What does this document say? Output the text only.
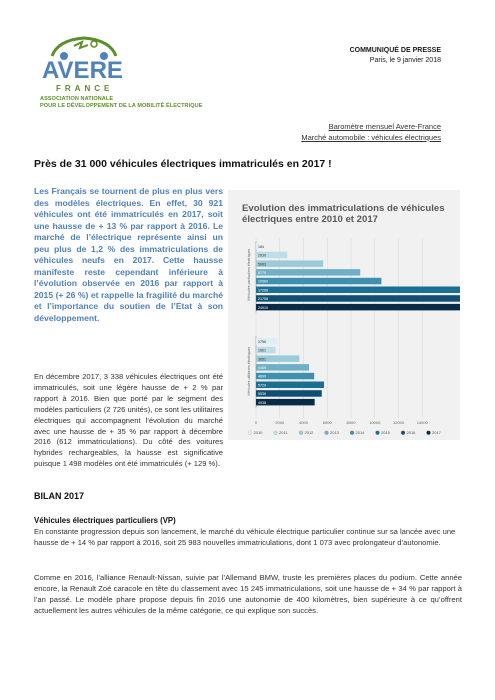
AVERE
FRANCE
ASSOCIATION NATIONALE
POUR LE DÉVELOPPEMENT DE LA MOBILITÉ ÉLECTRIQUE
COMMUNIQUÉ DE PRESSE
Paris, le 9 janvier 2018
Baromètre mensuel Avere-France
Marché automobile : véhicules électriques
Près de 31 000 véhicules électriques immatriculés en 2017 !
Les Français se tournent de plus en plus vers des modèles électriques. En effet, 30 921 véhicules ont été immatriculés en 2017, soit une hausse de + 13 % par rapport à 2016. Le marché de l’électrique représente ainsi un peu plus de 1,2 % des immatriculations de véhicules neufs en 2017. Cette hausse manifeste reste cependant inférieure à l’évolution observée en 2016 par rapport à 2015 (+ 26 %) et rappelle la fragilité du marché et l’importance du soutien de l’Etat à son développement.
En décembre 2017, 3 338 véhicules électriques ont été immatriculés, soit une légère hausse de + 2 % par rapport à 2016. Bien que porté par le segment des modèles particuliers (2 726 unités), ce sont les utilitaires électriques qui accompagnent l’évolution du marché avec une hausse de + 35 % par rapport à décembre 2016 (612 immatriculations). Du côté des voitures hybrides rechargeables, la hausse est significative puisque 1 498 modèles ont été immatriculés (+ 129 %).
Evolution des immatriculations de véhicules électriques entre 2010 et 2017
0	2000	4000	6000	8000	10000	12000	14000
Véhicules particuliers électriques
184
2630
5663
8779
10560
17268
21758
24910
Véhicules utilitaires électriques
1756
1661
3651
4469
4899
5729
5536
4938
2010	2011	2012	2013	2014	2015	2016	2017
BILAN 2017
Véhicules électriques particuliers (VP)
En constante progression depuis son lancement, le marché du véhicule électrique particulier continue sur sa lancée avec une hausse de + 14 % par rapport à 2016, soit 25 983 nouvelles immatriculations, dont 1 073 avec prolongateur d’autonomie.
Comme en 2016, l’alliance Renault-Nissan, suivie par l’Allemand BMW, truste les premières places du podium. Cette année encore, la Renault Zoé caracole en tête du classement avec 15 245 immatriculations, soit une hausse de + 34 % par rapport à l’an passé. Le modèle phare propose depuis fin 2016 une autonomie de 400 kilomètres, bien supérieure à ce qu’offrent actuellement les autres véhicules de la même catégorie, ce qui explique son succès.
